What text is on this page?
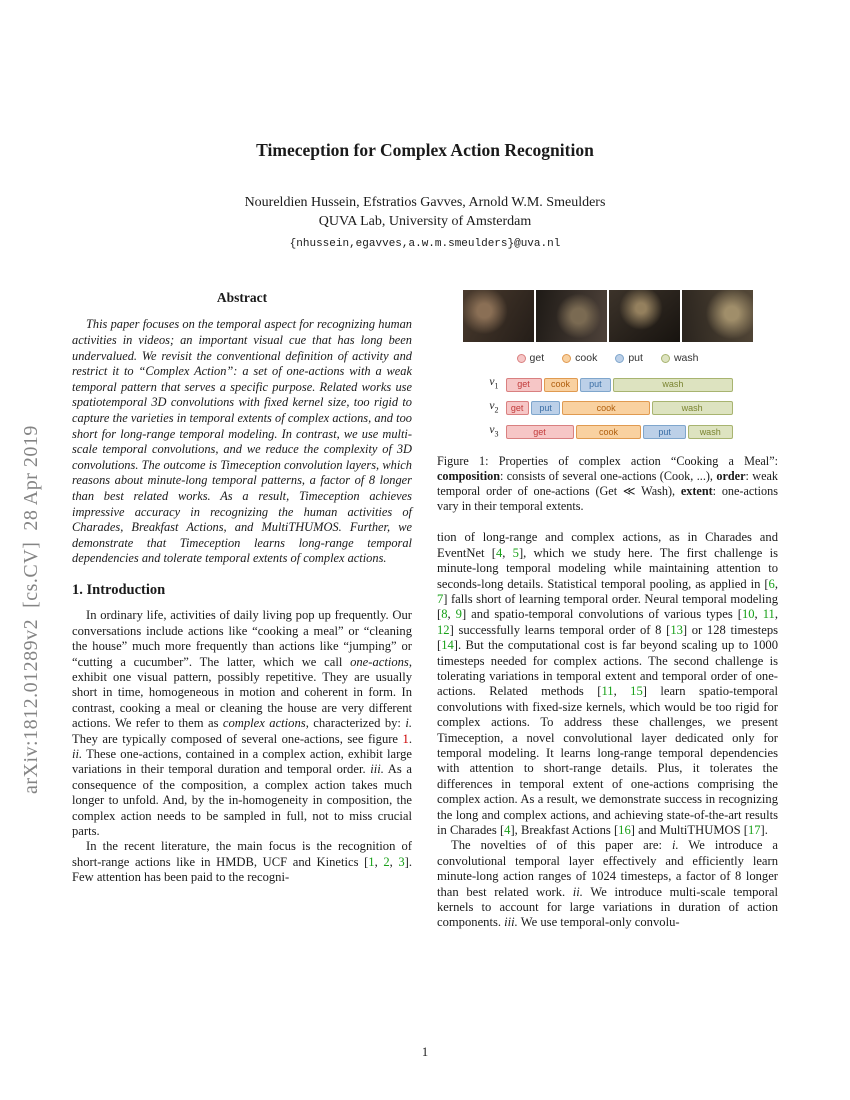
arXiv:1812.01289v2  [cs.CV]  28 Apr 2019
Timeception for Complex Action Recognition
Noureldien Hussein, Efstratios Gavves, Arnold W.M. Smeulders
QUVA Lab, University of Amsterdam
{nhussein,egavves,a.w.m.smeulders}@uva.nl
Abstract

This paper focuses on the temporal aspect for recognizing human activities in videos; an important visual cue that has long been undervalued. We revisit the conventional definition of activity and restrict it to “Complex Action”: a set of one-actions with a weak temporal pattern that serves a specific purpose. Related works use spatiotemporal 3D convolutions with fixed kernel size, too rigid to capture the varieties in temporal extents of complex actions, and too short for long-range temporal modeling. In contrast, we use multi-scale temporal convolutions, and we reduce the complexity of 3D convolutions. The outcome is Timeception convolution layers, which reasons about minute-long temporal patterns, a factor of 8 longer than best related works. As a result, Timeception achieves impressive accuracy in recognizing the human activities of Charades, Breakfast Actions, and MultiTHUMOS. Further, we demonstrate that Timeception learns long-range temporal dependencies and tolerate temporal extents of complex actions.

1. Introduction

In ordinary life, activities of daily living pop up frequently. Our conversations include actions like “cooking a meal” or “cleaning the house” much more frequently than actions like “jumping” or “cutting a cucumber”. The latter, which we call one-actions, exhibit one visual pattern, possibly repetitive. They are usually short in time, homogeneous in motion and coherent in form. In contrast, cooking a meal or cleaning the house are very different actions. We refer to them as complex actions, characterized by: i. They are typically composed of several one-actions, see figure 1. ii. These one-actions, contained in a complex action, exhibit large variations in their temporal duration and temporal order. iii. As a consequence of the composition, a complex action takes much longer to unfold. And, by the in-homogeneity in composition, the complex action needs to be sampled in full, not to miss crucial parts.

In the recent literature, the main focus is the recognition of short-range actions like in HMDB, UCF and Kinetics [1, 2, 3]. Few attention has been paid to the recogni-

get	cook	put	wash
$v_1$	get	cook	put	wash
$v_2$	get	put	cook	wash
$v_3$	get	cook	put	wash
Figure 1: Properties of complex action “Cooking a Meal”: composition: consists of several one-actions (Cook, ...), order: weak temporal order of one-actions (Get ≪ Wash), extent: one-actions vary in their temporal extents.

tion of long-range and complex actions, as in Charades and EventNet [4, 5], which we study here. The first challenge is minute-long temporal modeling while maintaining attention to seconds-long details. Statistical temporal pooling, as applied in [6, 7] falls short of learning temporal order. Neural temporal modeling [8, 9] and spatio-temporal convolutions of various types [10, 11, 12] successfully learns temporal order of 8 [13] or 128 timesteps [14]. But the computational cost is far beyond scaling up to 1000 timesteps needed for complex actions. The second challenge is tolerating variations in temporal extent and temporal order of one-actions. Related methods [11, 15] learn spatio-temporal convolutions with fixed-size kernels, which would be too rigid for complex actions. To address these challenges, we present Timeception, a novel convolutional layer dedicated only for temporal modeling. It learns long-range temporal dependencies with attention to short-range details. Plus, it tolerates the differences in temporal extent of one-actions comprising the complex action. As a result, we demonstrate success in recognizing the long and complex actions, and achieving state-of-the-art results in Charades [4], Breakfast Actions [16] and MultiTHUMOS [17].

The novelties of of this paper are: i. We introduce a convolutional temporal layer effectively and efficiently learn minute-long action ranges of 1024 timesteps, a factor of 8 longer than best related work. ii. We introduce multi-scale temporal kernels to account for large variations in duration of action components. iii. We use temporal-only convolu-

1
